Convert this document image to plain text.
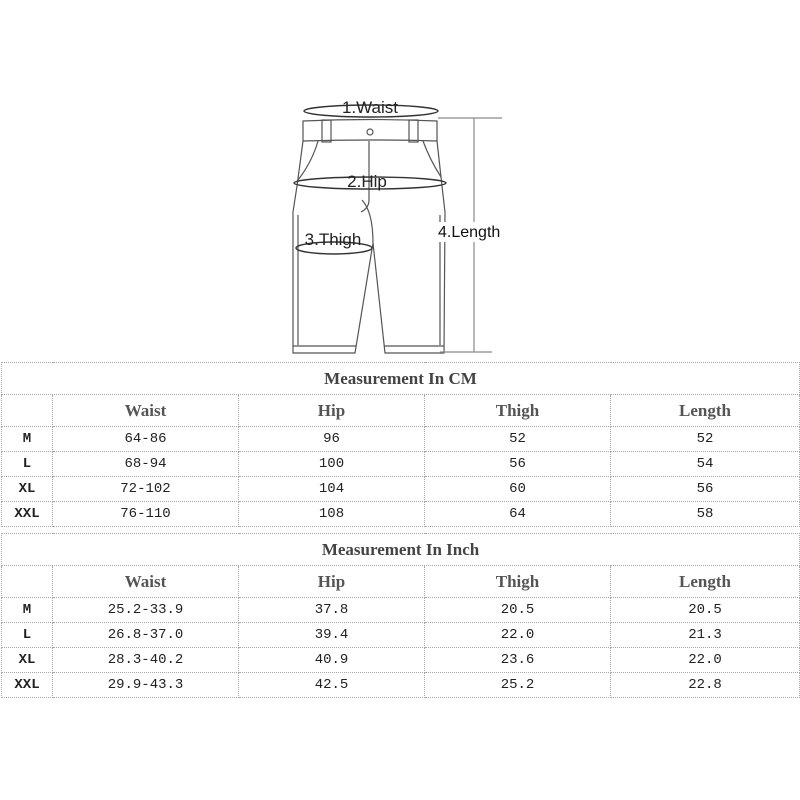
1.Waist
2.Hip
3.Thigh	4.Length
Measurement In CM				
	Waist	Hip	Thigh	Length
M	64-86	96	52	52
L	68-94	100	56	54
XL	72-102	104	60	56
XXL	76-110	108	64	58
Measurement In Inch				
	Waist	Hip	Thigh	Length
M	25.2-33.9	37.8	20.5	20.5
L	26.8-37.0	39.4	22.0	21.3
XL	28.3-40.2	40.9	23.6	22.0
XXL	29.9-43.3	42.5	25.2	22.8
